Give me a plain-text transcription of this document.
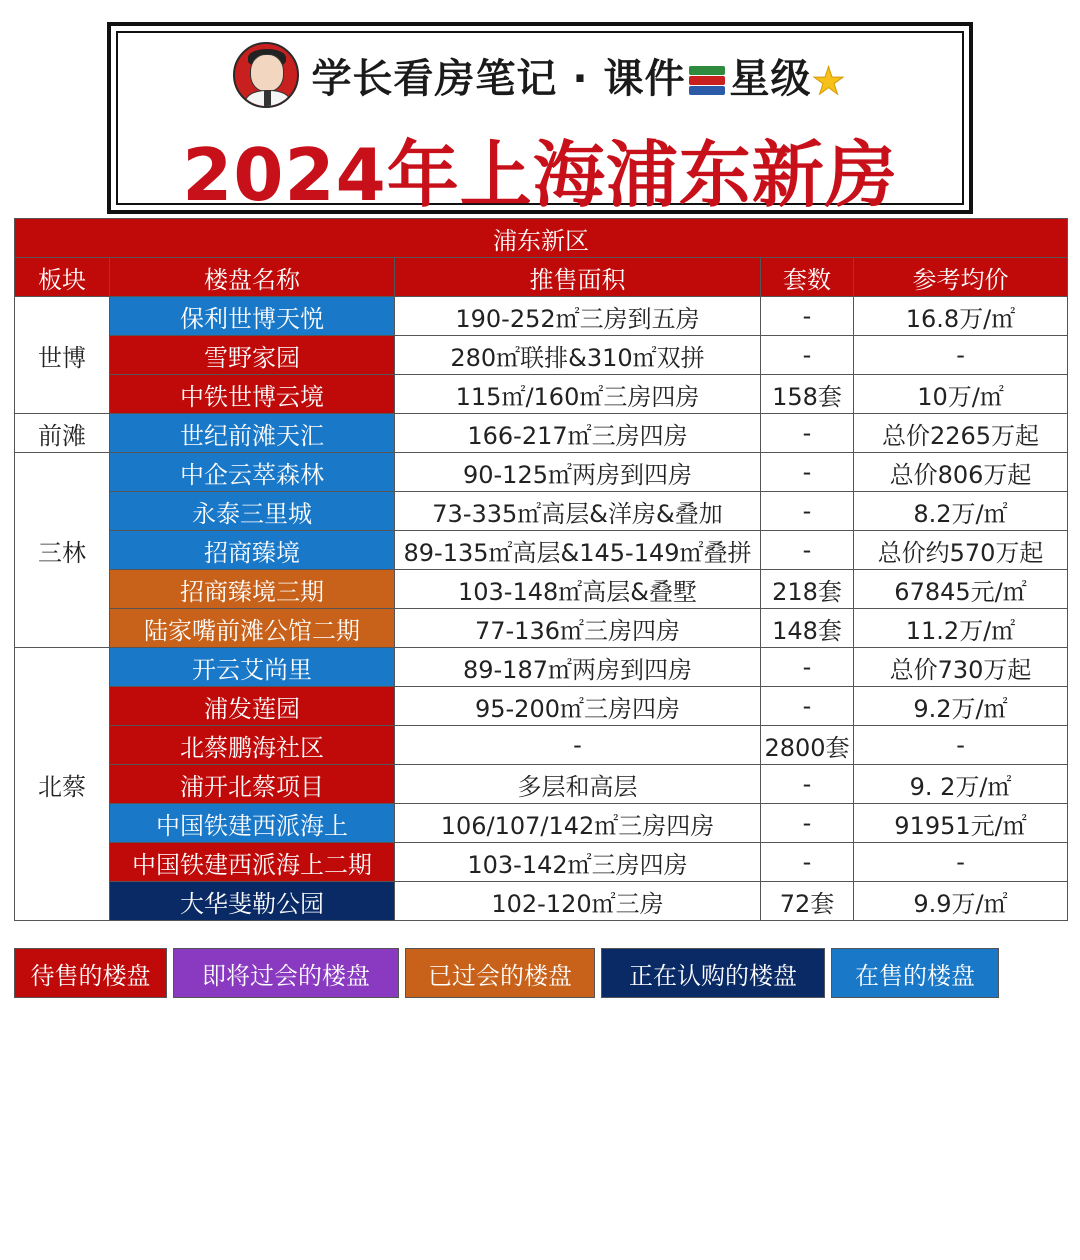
学长看房笔记 · 课件 星级★
2024年上海浦东新房
浦东新区				
板块	楼盘名称	推售面积	套数	参考均价
世博	保利世博天悦	190-252㎡三房到五房	-	16.8万/㎡
	雪野家园	280㎡联排&310㎡双拼	-	-
	中铁世博云境	115㎡/160㎡三房四房	158套	10万/㎡
前滩	世纪前滩天汇	166-217㎡三房四房	-	总价2265万起
三林	中企云萃森林	90-125㎡两房到四房	-	总价806万起
	永泰三里城	73-335㎡高层&洋房&叠加	-	8.2万/㎡
	招商臻境	89-135㎡高层&145-149㎡叠拼	-	总价约570万起
	招商臻境三期	103-148㎡高层&叠墅	218套	67845元/㎡
	陆家嘴前滩公馆二期	77-136㎡三房四房	148套	11.2万/㎡
北蔡	开云艾尚里	89-187㎡两房到四房	-	总价730万起
	浦发莲园	95-200㎡三房四房	-	9.2万/㎡
	北蔡鹏海社区	-	2800套	-
	浦开北蔡项目	多层和高层	-	9. 2万/㎡
	中国铁建西派海上	106/107/142㎡三房四房	-	91951元/㎡
	中国铁建西派海上二期	103-142㎡三房四房	-	-
	大华斐勒公园	102-120㎡三房	72套	9.9万/㎡
待售的楼盘	即将过会的楼盘	已过会的楼盘	正在认购的楼盘	在售的楼盘
